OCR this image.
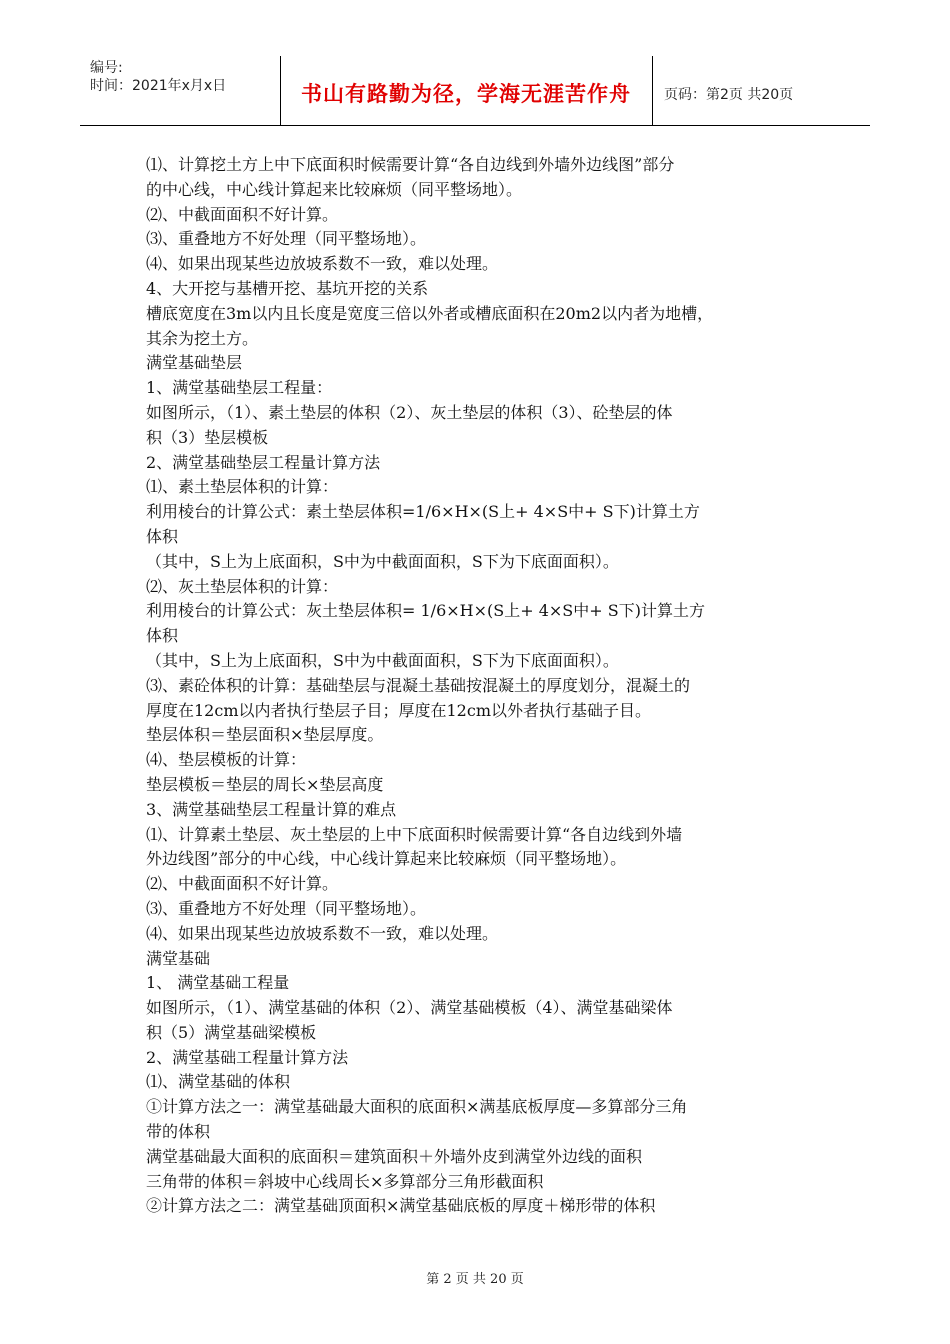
编号:
时间：2021年x月x日	书山有路勤为径，学海无涯苦作舟	页码：第2页 共20页
⑴、计算挖土方上中下底面积时候需要计算“各自边线到外墙外边线图”部分
的中心线，中心线计算起来比较麻烦（同平整场地）。
⑵、中截面面积不好计算。
⑶、重叠地方不好处理（同平整场地）。
⑷、如果出现某些边放坡系数不一致，难以处理。
4、大开挖与基槽开挖、基坑开挖的关系
槽底宽度在3m以内且长度是宽度三倍以外者或槽底面积在20m2以内者为地槽，
其余为挖土方。
满堂基础垫层
1、满堂基础垫层工程量：
如图所示，（1）、素土垫层的体积（2）、灰土垫层的体积（3）、砼垫层的体
积（3）垫层模板
2、满堂基础垫层工程量计算方法
⑴、素土垫层体积的计算：
利用棱台的计算公式：素土垫层体积=1/6×H×(S上+ 4×S中+ S下)计算土方
体积
（其中，S上为上底面积，S中为中截面面积，S下为下底面面积）。
⑵、灰土垫层体积的计算：
利用棱台的计算公式：灰土垫层体积= 1/6×H×(S上+ 4×S中+ S下)计算土方
体积
（其中，S上为上底面积，S中为中截面面积，S下为下底面面积）。
⑶、素砼体积的计算：基础垫层与混凝土基础按混凝土的厚度划分，混凝土的
厚度在12cm以内者执行垫层子目；厚度在12cm以外者执行基础子目。
垫层体积＝垫层面积×垫层厚度。
⑷、垫层模板的计算：
垫层模板＝垫层的周长×垫层高度
3、满堂基础垫层工程量计算的难点
⑴、计算素土垫层、灰土垫层的上中下底面积时候需要计算“各自边线到外墙
外边线图”部分的中心线，中心线计算起来比较麻烦（同平整场地）。
⑵、中截面面积不好计算。
⑶、重叠地方不好处理（同平整场地）。
⑷、如果出现某些边放坡系数不一致，难以处理。
满堂基础
1、 满堂基础工程量
如图所示，（1）、满堂基础的体积（2）、满堂基础模板（4）、满堂基础梁体
积（5）满堂基础梁模板
2、满堂基础工程量计算方法
⑴、满堂基础的体积
①计算方法之一：满堂基础最大面积的底面积×满基底板厚度—多算部分三角
带的体积
满堂基础最大面积的底面积＝建筑面积＋外墙外皮到满堂外边线的面积
三角带的体积＝斜坡中心线周长×多算部分三角形截面积
②计算方法之二：满堂基础顶面积×满堂基础底板的厚度＋梯形带的体积
第 2 页 共 20 页
